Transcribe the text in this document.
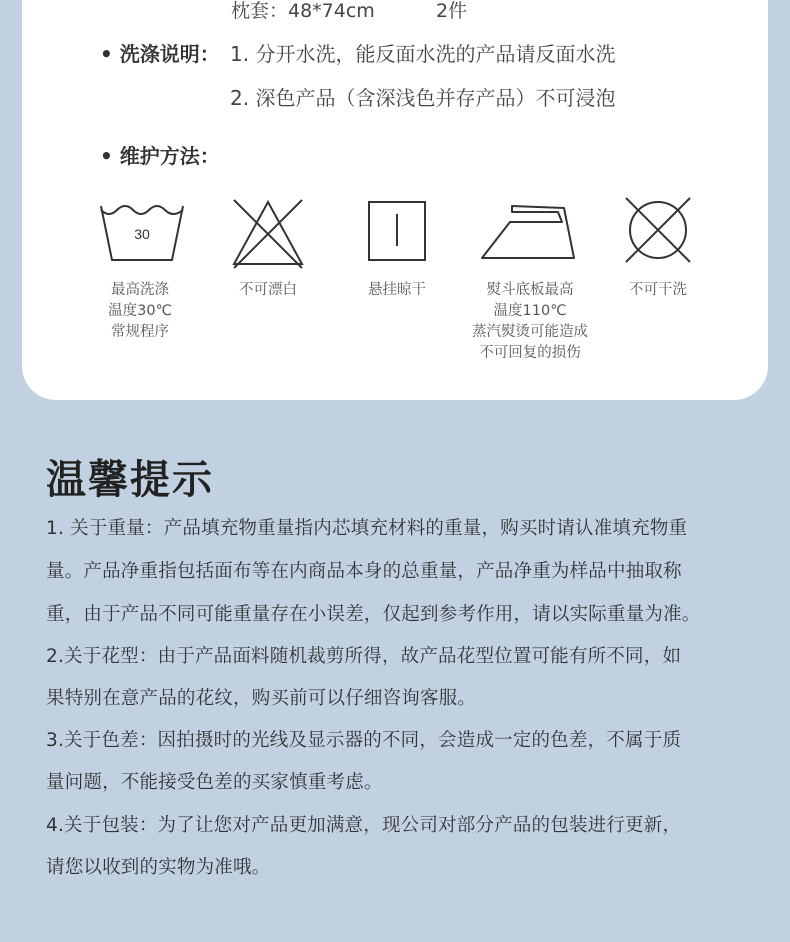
枕套：48*74cm	2件
• 洗涤说明： 1. 分开水洗，能反面水洗的产品请反面水洗
2. 深色产品（含深浅色并存产品）不可浸泡
• 维护方法：
30
最高洗涤
温度30℃
常规程序
不可漂白	悬挂晾干	熨斗底板最高
温度110℃
蒸汽熨烫可能造成
不可回复的损伤
不可干洗
温馨提示
1. 关于重量：产品填充物重量指内芯填充材料的重量，购买时请认准填充物重
量。产品净重指包括面布等在内商品本身的总重量，产品净重为样品中抽取称
重，由于产品不同可能重量存在小误差，仅起到参考作用，请以实际重量为准。
2.关于花型：由于产品面料随机裁剪所得，故产品花型位置可能有所不同，如
果特别在意产品的花纹，购买前可以仔细咨询客服。
3.关于色差：因拍摄时的光线及显示器的不同，会造成一定的色差，不属于质
量问题，不能接受色差的买家慎重考虑。
4.关于包装：为了让您对产品更加满意，现公司对部分产品的包装进行更新，
请您以收到的实物为准哦。
